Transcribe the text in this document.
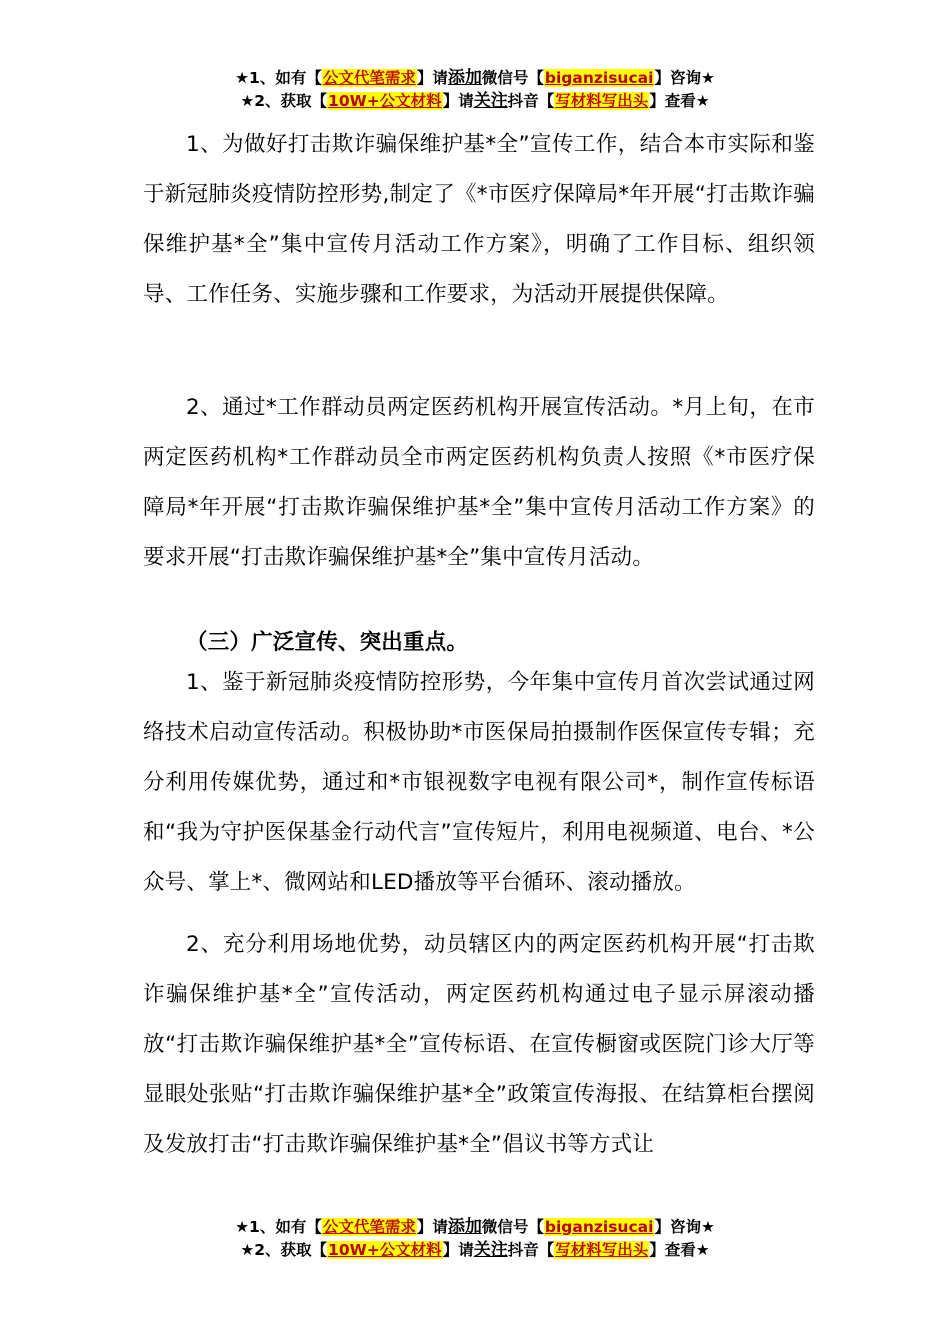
★1、如有【公文代笔需求】请添加微信号【biganzisucai】咨询★
★2、获取【10W+公文材料】请关注抖音【写材料写出头】查看★

1、为做好打击欺诈骗保维护基*全”宣传工作，结合本市实际和鉴于新冠肺炎疫情防控形势,制定了《*市医疗保障局*年开展“打击欺诈骗保维护基*全”集中宣传月活动工作方案》，明确了工作目标、组织领导、工作任务、实施步骤和工作要求，为活动开展提供保障。

2、通过*工作群动员两定医药机构开展宣传活动。*月上旬，在市两定医药机构*工作群动员全市两定医药机构负责人按照《*市医疗保障局*年开展“打击欺诈骗保维护基*全”集中宣传月活动工作方案》的要求开展“打击欺诈骗保维护基*全”集中宣传月活动。

（三）广泛宣传、突出重点。

1、鉴于新冠肺炎疫情防控形势，今年集中宣传月首次尝试通过网络技术启动宣传活动。积极协助*市医保局拍摄制作医保宣传专辑；充分利用传媒优势，通过和*市银视数字电视有限公司*，制作宣传标语和“我为守护医保基金行动代言”宣传短片，利用电视频道、电台、*公众号、掌上*、微网站和LED播放等平台循环、滚动播放。

2、充分利用场地优势，动员辖区内的两定医药机构开展“打击欺诈骗保维护基*全”宣传活动，两定医药机构通过电子显示屏滚动播放“打击欺诈骗保维护基*全”宣传标语、在宣传橱窗或医院门诊大厅等显眼处张贴“打击欺诈骗保维护基*全”政策宣传海报、在结算柜台摆阅及发放打击“打击欺诈骗保维护基*全”倡议书等方式让

★1、如有【公文代笔需求】请添加微信号【biganzisucai】咨询★
★2、获取【10W+公文材料】请关注抖音【写材料写出头】查看★
